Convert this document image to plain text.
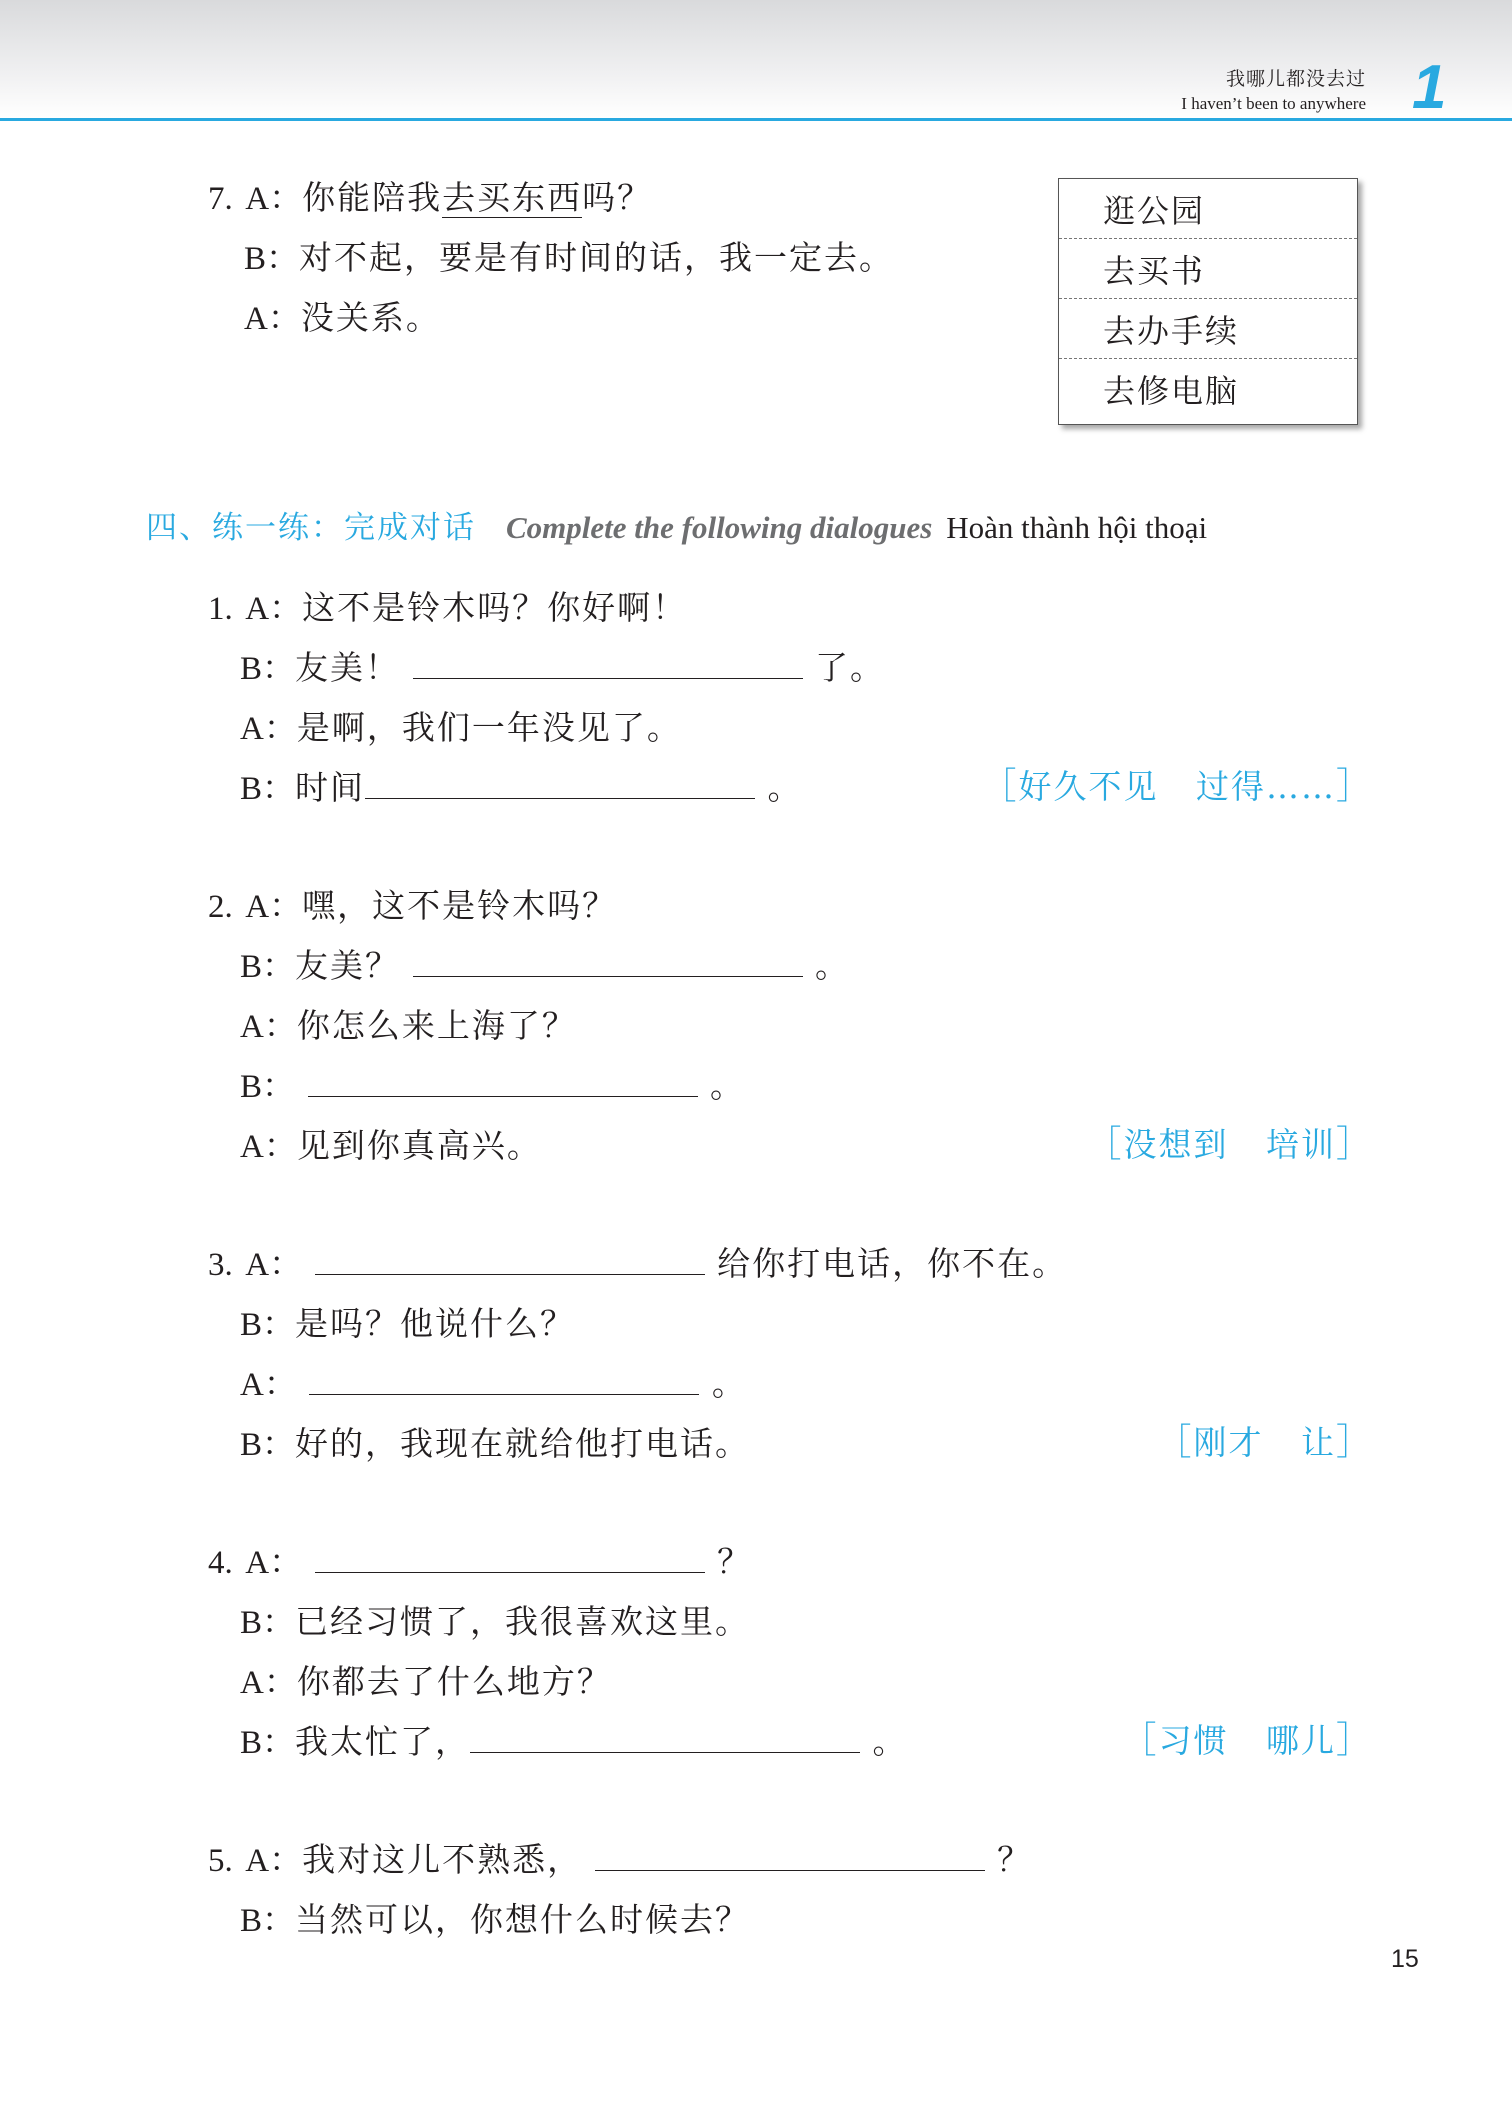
我哪儿都没去过
I haven’t been to anywhere 1
7. A：你能陪我去买东西吗？
B：对不起，要是有时间的话，我一定去。
A：没关系。
逛公园
去买书
去办手续
去修电脑
四、练一练：完成对话 Complete the following dialogues Hoàn thành hội thoại
1. A：这不是铃木吗？你好啊！
B：友美！	了。
A：是啊，我们一年没见了。
B：时间	。	［好久不见 过得……］
2. A：嘿，这不是铃木吗？
B：友美？	。
A：你怎么来上海了？
B：	。
A：见到你真高兴。	［没想到 培训］
3. A：	给你打电话，你不在。
B：是吗？他说什么？
A：	。
B：好的，我现在就给他打电话。	［刚才 让］
4. A：	？
B：已经习惯了，我很喜欢这里。
A：你都去了什么地方？
B：我太忙了，	。	［习惯 哪儿］
5. A：我对这儿不熟悉，	？
B：当然可以，你想什么时候去？
15
